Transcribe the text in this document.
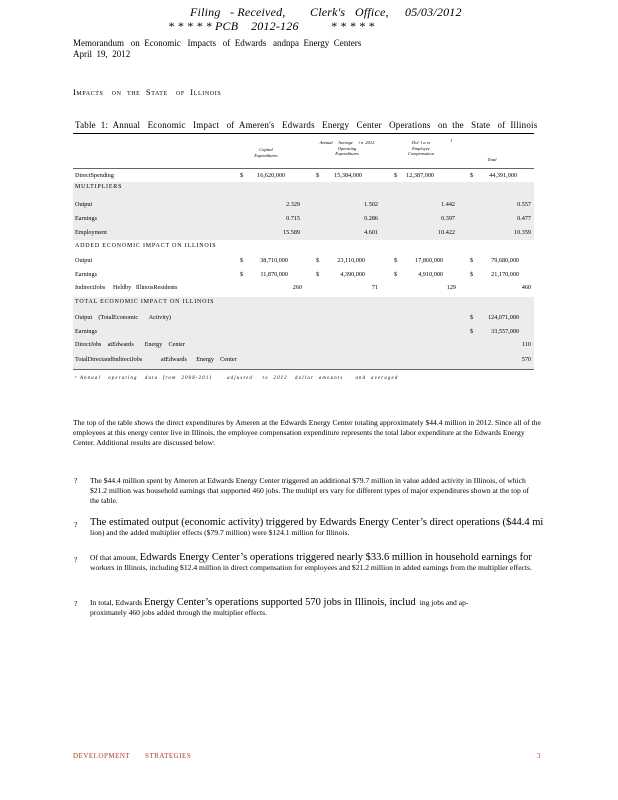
Filing - Received, Clerk's Office, 05/03/2012
* * * * * PCB    2012-126          * * * * *
Memorandum   on  Economic   Impacts   of  Edwards   andnpa  Energy  Centers
April  19,  2012
Impacts   on  the  State   of  Illinois
Table  1:  Annual   Economic   Impact   of  Ameren's   Edwards   Energy   Center   Operations   on  the   State   of  Illinois
Capital
Expenditures
Annual     Average     i n  2012
Operating
Expenditures
Dol  l a rs
Employee
Compensation
1
Total
DirectSpending	$	16,620,000	$	15,384,000	$	12,387,000	$	44,391,000
MULTIPLIERS
Output	2.329	1.502	1.442	0.557
Earnings	0.715	0.286	0.397	0.477
Employment	15.589	4.601	10.422	10.359
ADDED ECONOMIC IMPACT ON ILLINOIS
Output	$	38,710,000	$	23,110,000	$	17,860,000	$	79,680,000
Earnings	$	11,870,000	$	4,390,000	$	4,910,000	$	21,170,000
IndirectJobs     Heldby   IllinoisResidents	260	71	129	460
TOTAL ECONOMIC IMPACT ON ILLINOIS
Output    (TotalEconomic       Activity)	$	124,071,000
Earnings	$	33,557,000
DirectJobs    atEdwards       Energy    Center	110
TotalDirectandIndirectJobs            atEdwards      Energy    Center	570
¹ Annual   operating   data  from  2008-2011      adjusted    to  2012   dollar  amounts     and  averaged
The top of the table shows the direct expenditures by Ameren at the Edwards Energy Center totaling approximately $44.4 million in 2012. Since all of the employees at this energy center live in Illinois, the employee compensation expenditure represents the total labor expenditure at the Edwards Energy Center. Additional results are discussed below:
? The $44.4 million spent by Ameren at Edwards Energy Center triggered an additional $79.7 million in value added activity in Illinois, of which $21.2 million was household earnings that supported 460 jobs. The multipl ers vary for different types of major expenditures shown at the top of the table.
? The estimated output (economic activity) triggered by Edwards Energy Center’s direct operations ($44.4 mi
lion) and the added multiplier effects ($79.7 million) were $124.1 million for Illinois.
? Of that amount, Edwards Energy Center’s operations triggered nearly $33.6 million in household earnings for
workers in Illinois, including $12.4 million in direct compensation for employees and $21.2 million in added earnings from the multiplier effects.
? In total, Edwards Energy Center’s operations supported 570 jobs in Illinois, includ ing jobs and ap-
proximately 460 jobs added through the multiplier effects.
DEVELOPMENT STRATEGIES	3
